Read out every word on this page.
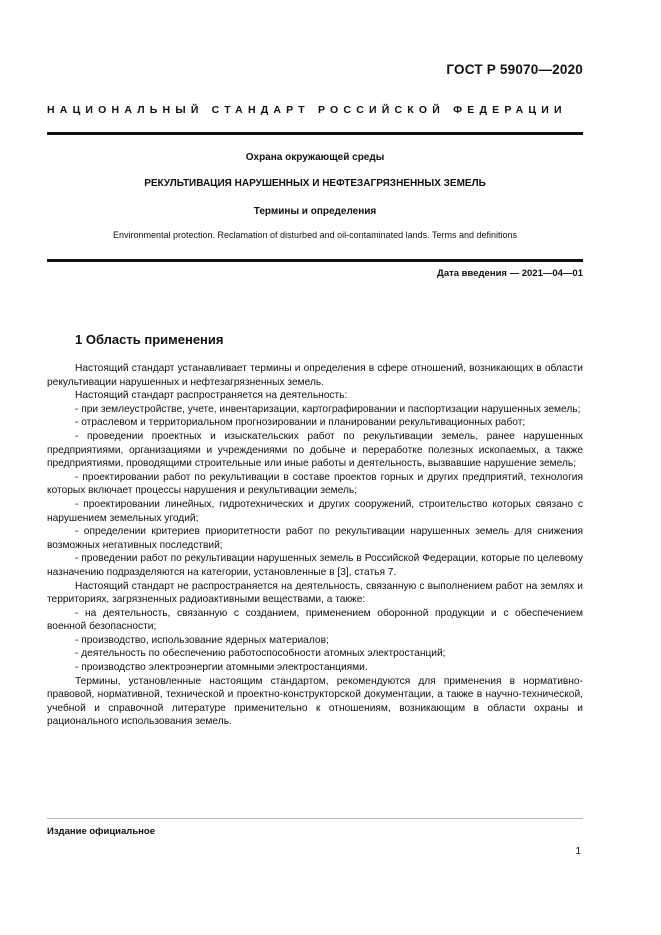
ГОСТ Р 59070—2020
НАЦИОНАЛЬНЫЙ СТАНДАРТ РОССИЙСКОЙ ФЕДЕРАЦИИ
Охрана окружающей среды
РЕКУЛЬТИВАЦИЯ НАРУШЕННЫХ И НЕФТЕЗАГРЯЗНЕННЫХ ЗЕМЕЛЬ
Термины и определения
Environmental protection. Reclamation of disturbed and oil-contaminated lands. Terms and definitions
Дата введения — 2021—04—01
1 Область применения

Настоящий стандарт устанавливает термины и определения в сфере отношений, возникающих в области рекультивации нарушенных и нефтезагрязненных земель.

Настоящий стандарт распространяется на деятельность:

- при землеустройстве, учете, инвентаризации, картографировании и паспортизации нарушенных земель;

- отраслевом и территориальном прогнозировании и планировании рекультивационных работ;

- проведении проектных и изыскательских работ по рекультивации земель, ранее нарушенных предприятиями, организациями и учреждениями по добыче и переработке полезных ископаемых, а также предприятиями, проводящими строительные или иные работы и деятельность, вызвавшие нарушение земель;

- проектировании работ по рекультивации в составе проектов горных и других предприятий, технология которых включает процессы нарушения и рекультивации земель;

- проектировании линейных, гидротехнических и других сооружений, строительство которых связано с нарушением земельных угодий;

- определении критериев приоритетности работ по рекультивации нарушенных земель для снижения возможных негативных последствий;

- проведении работ по рекультивации нарушенных земель в Российской Федерации, которые по целевому назначению подразделяются на категории, установленные в [3], статья 7.

Настоящий стандарт не распространяется на деятельность, связанную с выполнением работ на землях и территориях, загрязненных радиоактивными веществами, а также:

- на деятельность, связанную с созданием, применением оборонной продукции и с обеспечением военной безопасности;

- производство, использование ядерных материалов;

- деятельность по обеспечению работоспособности атомных электростанций;

- производство электроэнергии атомными электростанциями.

Термины, установленные настоящим стандартом, рекомендуются для применения в нормативно-правовой, нормативной, технической и проектно-конструкторской документации, а также в научно-технической, учебной и справочной литературе применительно к отношениям, возникающим в области охраны и рационального использования земель.

Издание официальное
1
